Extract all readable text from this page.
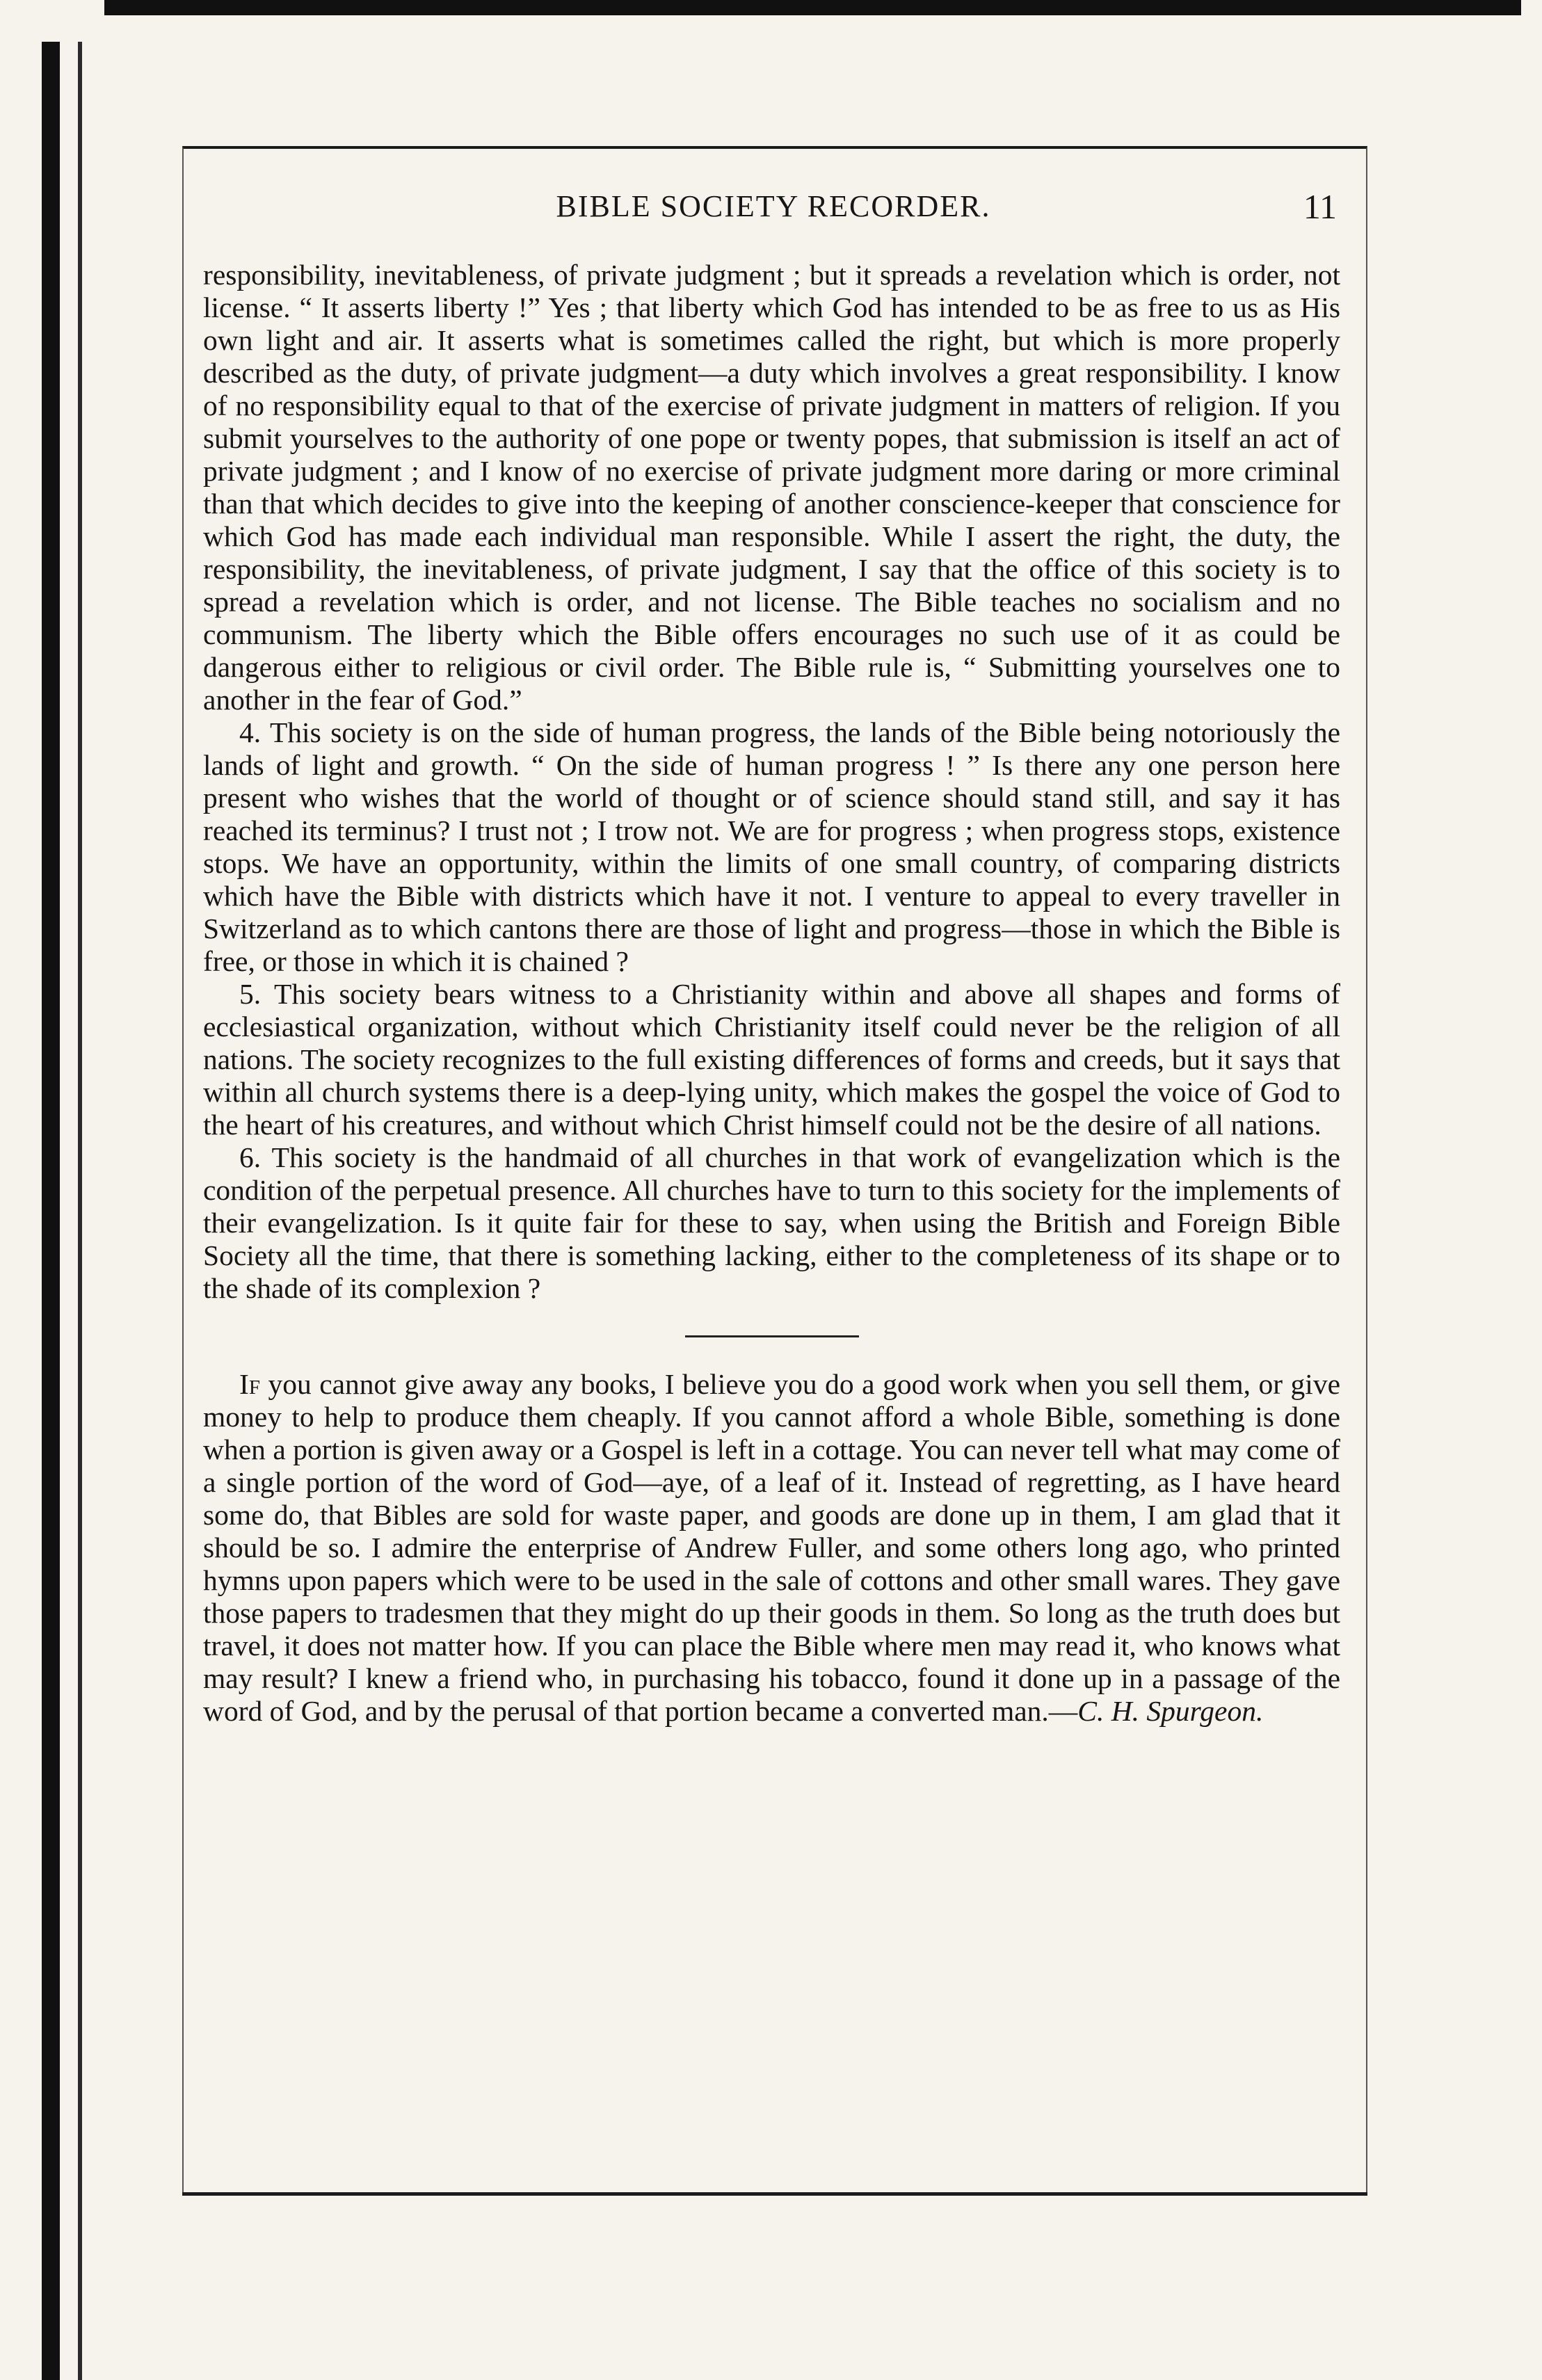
BIBLE SOCIETY RECORDER.	11

responsibility, inevitableness, of private judgment ; but it spreads a revelation which is order, not license. “ It asserts liberty !” Yes ; that liberty which God has intended to be as free to us as His own light and air. It asserts what is sometimes called the right, but which is more properly described as the duty, of private judgment—a duty which involves a great responsibility. I know of no responsibility equal to that of the exercise of private judgment in matters of religion. If you submit yourselves to the authority of one pope or twenty popes, that submission is itself an act of private judgment ; and I know of no exercise of private judgment more daring or more criminal than that which decides to give into the keeping of another conscience-keeper that conscience for which God has made each individual man responsible. While I assert the right, the duty, the responsibility, the inevitableness, of private judgment, I say that the office of this society is to spread a revelation which is order, and not license. The Bible teaches no socialism and no communism. The liberty which the Bible offers encourages no such use of it as could be dangerous either to religious or civil order. The Bible rule is, “ Submitting yourselves one to another in the fear of God.”

4. This society is on the side of human progress, the lands of the Bible being notoriously the lands of light and growth. “ On the side of human progress ! ” Is there any one person here present who wishes that the world of thought or of science should stand still, and say it has reached its terminus? I trust not ; I trow not. We are for progress ; when progress stops, existence stops. We have an opportunity, within the limits of one small country, of comparing districts which have the Bible with districts which have it not. I venture to appeal to every traveller in Switzerland as to which cantons there are those of light and progress—those in which the Bible is free, or those in which it is chained ?

5. This society bears witness to a Christianity within and above all shapes and forms of ecclesiastical organization, without which Christianity itself could never be the religion of all nations. The society recognizes to the full existing differences of forms and creeds, but it says that within all church systems there is a deep-lying unity, which makes the gospel the voice of God to the heart of his creatures, and without which Christ himself could not be the desire of all nations.

6. This society is the handmaid of all churches in that work of evangelization which is the condition of the perpetual presence. All churches have to turn to this society for the implements of their evangelization. Is it quite fair for these to say, when using the British and Foreign Bible Society all the time, that there is something lacking, either to the completeness of its shape or to the shade of its complexion ?

If you cannot give away any books, I believe you do a good work when you sell them, or give money to help to produce them cheaply. If you cannot afford a whole Bible, something is done when a portion is given away or a Gospel is left in a cottage. You can never tell what may come of a single portion of the word of God—aye, of a leaf of it. Instead of regretting, as I have heard some do, that Bibles are sold for waste paper, and goods are done up in them, I am glad that it should be so. I admire the enterprise of Andrew Fuller, and some others long ago, who printed hymns upon papers which were to be used in the sale of cottons and other small wares. They gave those papers to tradesmen that they might do up their goods in them. So long as the truth does but travel, it does not matter how. If you can place the Bible where men may read it, who knows what may result? I knew a friend who, in purchasing his tobacco, found it done up in a passage of the word of God, and by the perusal of that portion became a converted man.—C. H. Spurgeon.
